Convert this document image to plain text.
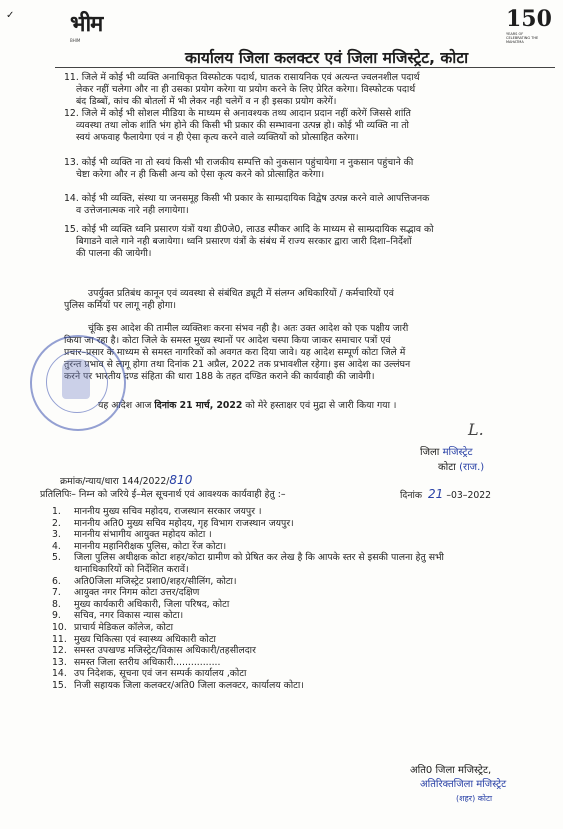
✓	भीम
BHIM
150
YEARS OF CELEBRATING THE MAHATMA
कार्यालय जिला कलक्टर एवं जिला मजिस्ट्रेट, कोटा
11. जिले में कोई भी व्यक्ति अनाधिकृत विस्फोटक पदार्थ, घातक रासायनिक एवं अत्यन्त ज्वलनशील पदार्थ
लेकर नहीं चलेगा और ना ही उसका प्रयोग करेगा या प्रयोग करने के लिए प्रेरित करेगा। विस्फोटक पदार्थ
बंद डिब्बों, कांच की बोतलों में भी लेकर नही चलेगें व न ही इसका प्रयोग करेगें।
12. जिले में कोई भी सोशल मीडिया के माध्यम से अनावश्यक तथ्य आदान प्रदान नहीं करेगें जिससे शांति
व्यवस्था तथा लोक शांति भंग होने की किसी भी प्रकार की सम्भावना उत्पन्न हो। कोई भी व्यक्ति ना तो
स्वयं अफवाह फैलायेगा एवं न ही ऐसा कृत्य करने वाले व्यक्तियों को प्रोत्साहित करेगा।
13. कोई भी व्यक्ति ना तो स्वयं किसी भी राजकीय सम्पत्ति को नुकसान पहुंचायेगा न नुकसान पहुंचाने की
चेष्टा करेगा और न ही किसी अन्य को ऐसा कृत्य करने को प्रोत्साहित करेगा।
14. कोई भी व्यक्ति, संस्था या जनसमूह किसी भी प्रकार के साम्प्रदायिक विद्वेष उत्पन्न करने वाले आपत्तिजनक
व उत्तेजनात्मक नारे नही लगायेगा।
15. कोई भी व्यक्ति ध्वनि प्रसारण यंत्रों यथा डी0जे0, लाउड स्पीकर आदि के माध्यम से साम्प्रदायिक सद्भाव को
बिगाडने वाले गाने नही बजायेगा। ध्वनि प्रसारण यंत्रों के संबंध में राज्य सरकार द्वारा जारी दिशा–निर्देशों
की पालना की जायेगी।
उपर्युक्त प्रतिबंध कानून एवं व्यवस्था से संबंधित ड्यूटी में संलग्न अधिकारियों / कर्मचारियों एवं
पुलिस कर्मियों पर लागू नही होगा।
चूंकि इस आदेश की तामील व्यक्तिशः करना संभव नही है। अतः उक्त आदेश को एक पक्षीय जारी
किया जा रहा है। कोटा जिले के समस्त मुख्य स्थानों पर आदेश चस्पा किया जाकर समाचार पत्रों एवं
प्रचार–प्रसार के माध्यम से समस्त नागरिकों को अवगत करा दिया जावे। यह आदेश सम्पूर्ण कोटा जिले में
तुरन्त प्रभाव से लागू होगा तथा दिनांक 21 अप्रैल, 2022 तक प्रभावशील रहेगा। इस आदेश का उल्लंघन
करने पर भारतीय दण्ड संहिता की धारा 188 के तहत दण्डित कराने की कार्यवाही की जावेगी।
यह आदेश आज दिनांक 21 मार्च, 2022 को मेरे हस्ताक्षर एवं मुद्रा से जारी किया गया ।
L.
जिला मजिस्ट्रेट
कोटा (राज.)
क्रमांक/न्याय/धारा 144/2022/810
दिनांक 21 –03–2022
प्रतिलिपिः– निम्न को जरिये ई–मेल सूचनार्थ एवं आवश्यक कार्यवाही हेतु :–
1. माननीय मुख्य सचिव महोदय, राजस्थान सरकार जयपुर ।
2. माननीय अति0 मुख्य सचिव महोदय, गृह विभाग राजस्थान जयपुर।
3. माननीय संभागीय आयुक्त महोदय कोटा ।
4. माननीय महानिरीक्षक पुलिस, कोटा रेंज कोटा।
5. जिला पुलिस अधीक्षक कोटा शहर/कोटा ग्रामीण को प्रेषित कर लेख है कि आपके स्तर से इसकी पालना हेतु सभी
थानाधिकारियों को निर्देशित करावें।
6. अति0जिला मजिस्ट्रेट प्रशा0/शहर/सीलिंग, कोटा।
7. आयुक्त नगर निगम कोटा उत्तर/दक्षिण
8. मुख्य कार्यकारी अधिकारी, जिला परिषद, कोटा
9. सचिव, नगर विकास न्यास कोटा।
10. प्राचार्य मेडिकल कॉलेज, कोटा
11. मुख्य चिकित्सा एवं स्वास्थ्य अधिकारी कोटा
12. समस्त उपखण्ड मजिस्ट्रेट/विकास अधिकारी/तहसीलदार
13. समस्त जिला स्तरीय अधिकारी................
14. उप निदेशक, सूचना एवं जन सम्पर्क कार्यालय ,कोटा
15. निजी सहायक जिला कलक्टर/अति0 जिला कलक्टर, कार्यालय कोटा।
अति0 जिला मजिस्ट्रेट,
अतिरिक्तजिला मजिस्ट्रेट
(शहर) कोटा
